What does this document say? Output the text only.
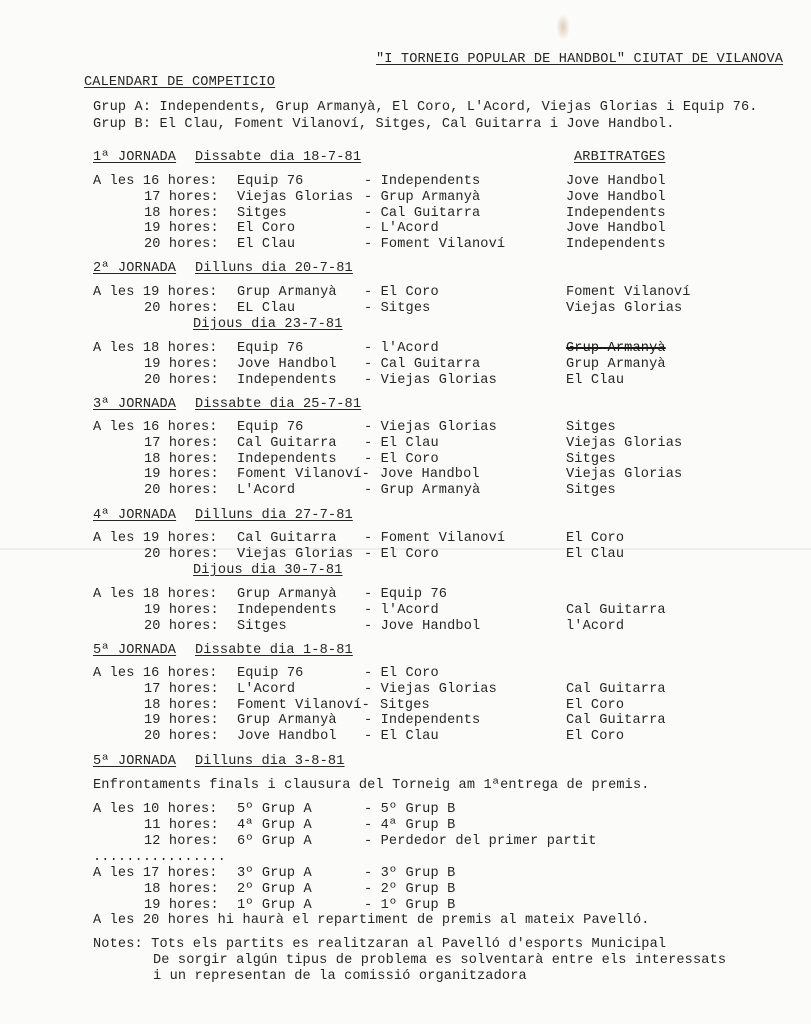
"I TORNEIG POPULAR DE HANDBOL" CIUTAT DE VILANOVA
CALENDARI DE COMPETICIO
Grup A: Independents, Grup Armanyà, El Coro, L'Acord, Viejas Glorias i Equip 76.
Grup B: El Clau, Foment Vilanoví, Sitges, Cal Guitarra i Jove Handbol.
ARBITRATGES
1ª JORNADA Dissabte dia 18-7-81
A les 16 hores: Equip 76	- Independents	Jove Handbol
17 hores: Viejas Glorias - Grup Armanyà	Jove Handbol
18 hores: Sitges	- Cal Guitarra	Independents
19 hores: El Coro	- L'Acord	Jove Handbol
20 hores: El Clau	- Foment Vilanoví	Independents
2ª JORNADA Dilluns dia 20-7-81
A les 19 hores: Grup Armanyà - El Coro	Foment Vilanoví
20 hores: EL Clau	- Sitges	Viejas Glorias
Dijous dia 23-7-81
A les 18 hores: Equip 76	- l'Acord	Grup Armanyà
19 hores: Jove Handbol - Cal Guitarra	Grup Armanyà
20 hores: Independents - Viejas Glorias	El Clau
3ª JORNADA Dissabte dia 25-7-81
A les 16 hores: Equip 76	- Viejas Glorias	Sitges
17 hores: Cal Guitarra - El Clau	Viejas Glorias
18 hores: Independents - El Coro	Sitges
19 hores: Foment Vilanoví- Jove Handbol	Viejas Glorias
20 hores: L'Acord	- Grup Armanyà	Sitges
4ª JORNADA Dilluns dia 27-7-81
A les 19 hores: Cal Guitarra - Foment Vilanoví	El Coro
20 hores: Viejas Glorias - El Coro	El Clau
Dijous dia 30-7-81
A les 18 hores: Grup Armanyà - Equip 76
19 hores: Independents - l'Acord	Cal Guitarra
20 hores: Sitges	- Jove Handbol	l'Acord
5ª JORNADA Dissabte dia 1-8-81
A les 16 hores: Equip 76	- El Coro
17 hores: L'Acord	- Viejas Glorias	Cal Guitarra
18 hores: Foment Vilanoví- Sitges	El Coro
19 hores: Grup Armanyà - Independents	Cal Guitarra
20 hores: Jove Handbol - El Clau	El Coro
5ª JORNADA Dilluns dia 3-8-81
Enfrontaments finals i clausura del Torneig am 1ªentrega de premis.
A les 10 hores: 5º Grup A	- 5º Grup B
11 hores: 4ª Grup A	- 4ª Grup B
12 hores: 6º Grup A	- Perdedor del primer partit
................
A les 17 hores: 3º Grup A	- 3º Grup B
18 hores: 2º Grup A	- 2º Grup B
19 hores: 1º Grup A	- 1º Grup B
A les 20 hores hi haurà el repartiment de premis al mateix Pavelló.
Notes: Tots els partits es realitzaran al Pavelló d'esports Municipal
De sorgir algún tipus de problema es solventarà entre els interessats
i un representan de la comissió organitzadora
